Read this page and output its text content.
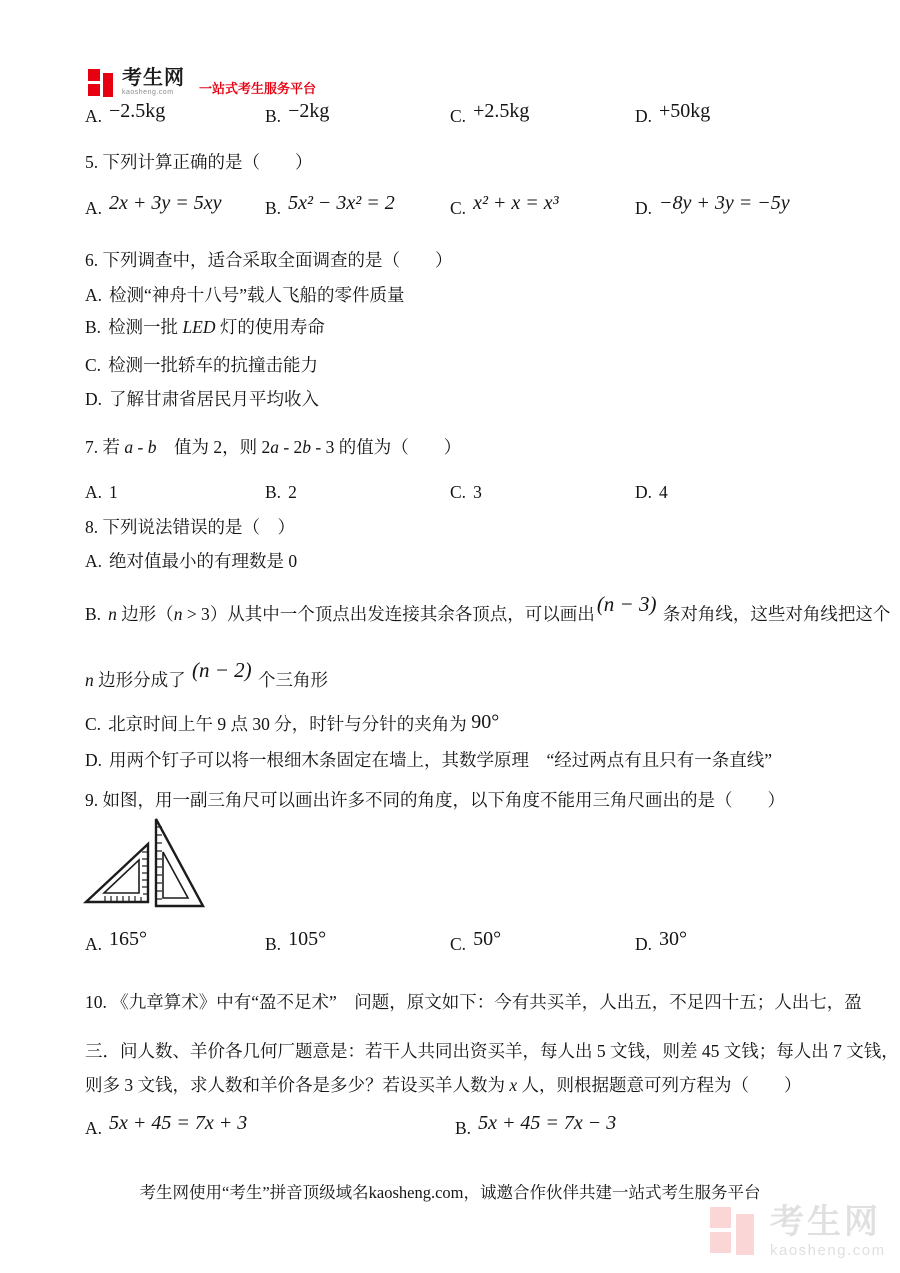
考生网
kaosheng.com	一站式考生服务平台
A. −2.5kg	B. −2kg	C. +2.5kg	D. +50kg
5. 下列计算正确的是（　　）
A. 2x + 3y = 5xy B. 5x² − 3x² = 2	C. x² + x = x³	D. −8y + 3y = −5y
6. 下列调查中，适合采取全面调查的是（　　）
A. 检测“神舟十八号”载人飞船的零件质量
B. 检测一批 LED 灯的使用寿命
C. 检测一批轿车的抗撞击能力
D. 了解甘肃省居民月平均收入
7. 若 a - b　值为 2，则 2a - 2b - 3 的值为（　　）
A. 1	B. 2	C. 3	D. 4
8. 下列说法错误的是（　）
A. 绝对值最小的有理数是 0
B. n 边形（n > 3）从其中一个顶点出发连接其余各顶点，可以画出(n − 3) 条对角线，这些对角线把这个
n 边形分成了 (n − 2) 个三角形
C. 北京时间上午 9 点 30 分，时针与分针的夹角为 90°
D. 用两个钉子可以将一根细木条固定在墙上，其数学原理　“经过两点有且只有一条直线”
9. 如图，用一副三角尺可以画出许多不同的角度，以下角度不能用三角尺画出的是（　　）
A. 165°	B. 105°	C. 50°	D. 30°
10. 《九章算术》中有“盈不足术”　问题，原文如下：今有共买羊，人出五，不足四十五；人出七，盈
三．问人数、羊价各几何厂题意是：若干人共同出资买羊，每人出 5 文钱，则差 45 文钱；每人出 7 文钱，
则多 3 文钱，求人数和羊价各是多少？若设买羊人数为 x 人，则根据题意可列方程为（　　）
A. 5x + 45 = 7x + 3	B. 5x + 45 = 7x − 3
考生网使用“考生”拼音顶级域名kaosheng.com，诚邀合作伙伴共建一站式考生服务平台
考生网
kaosheng.com
